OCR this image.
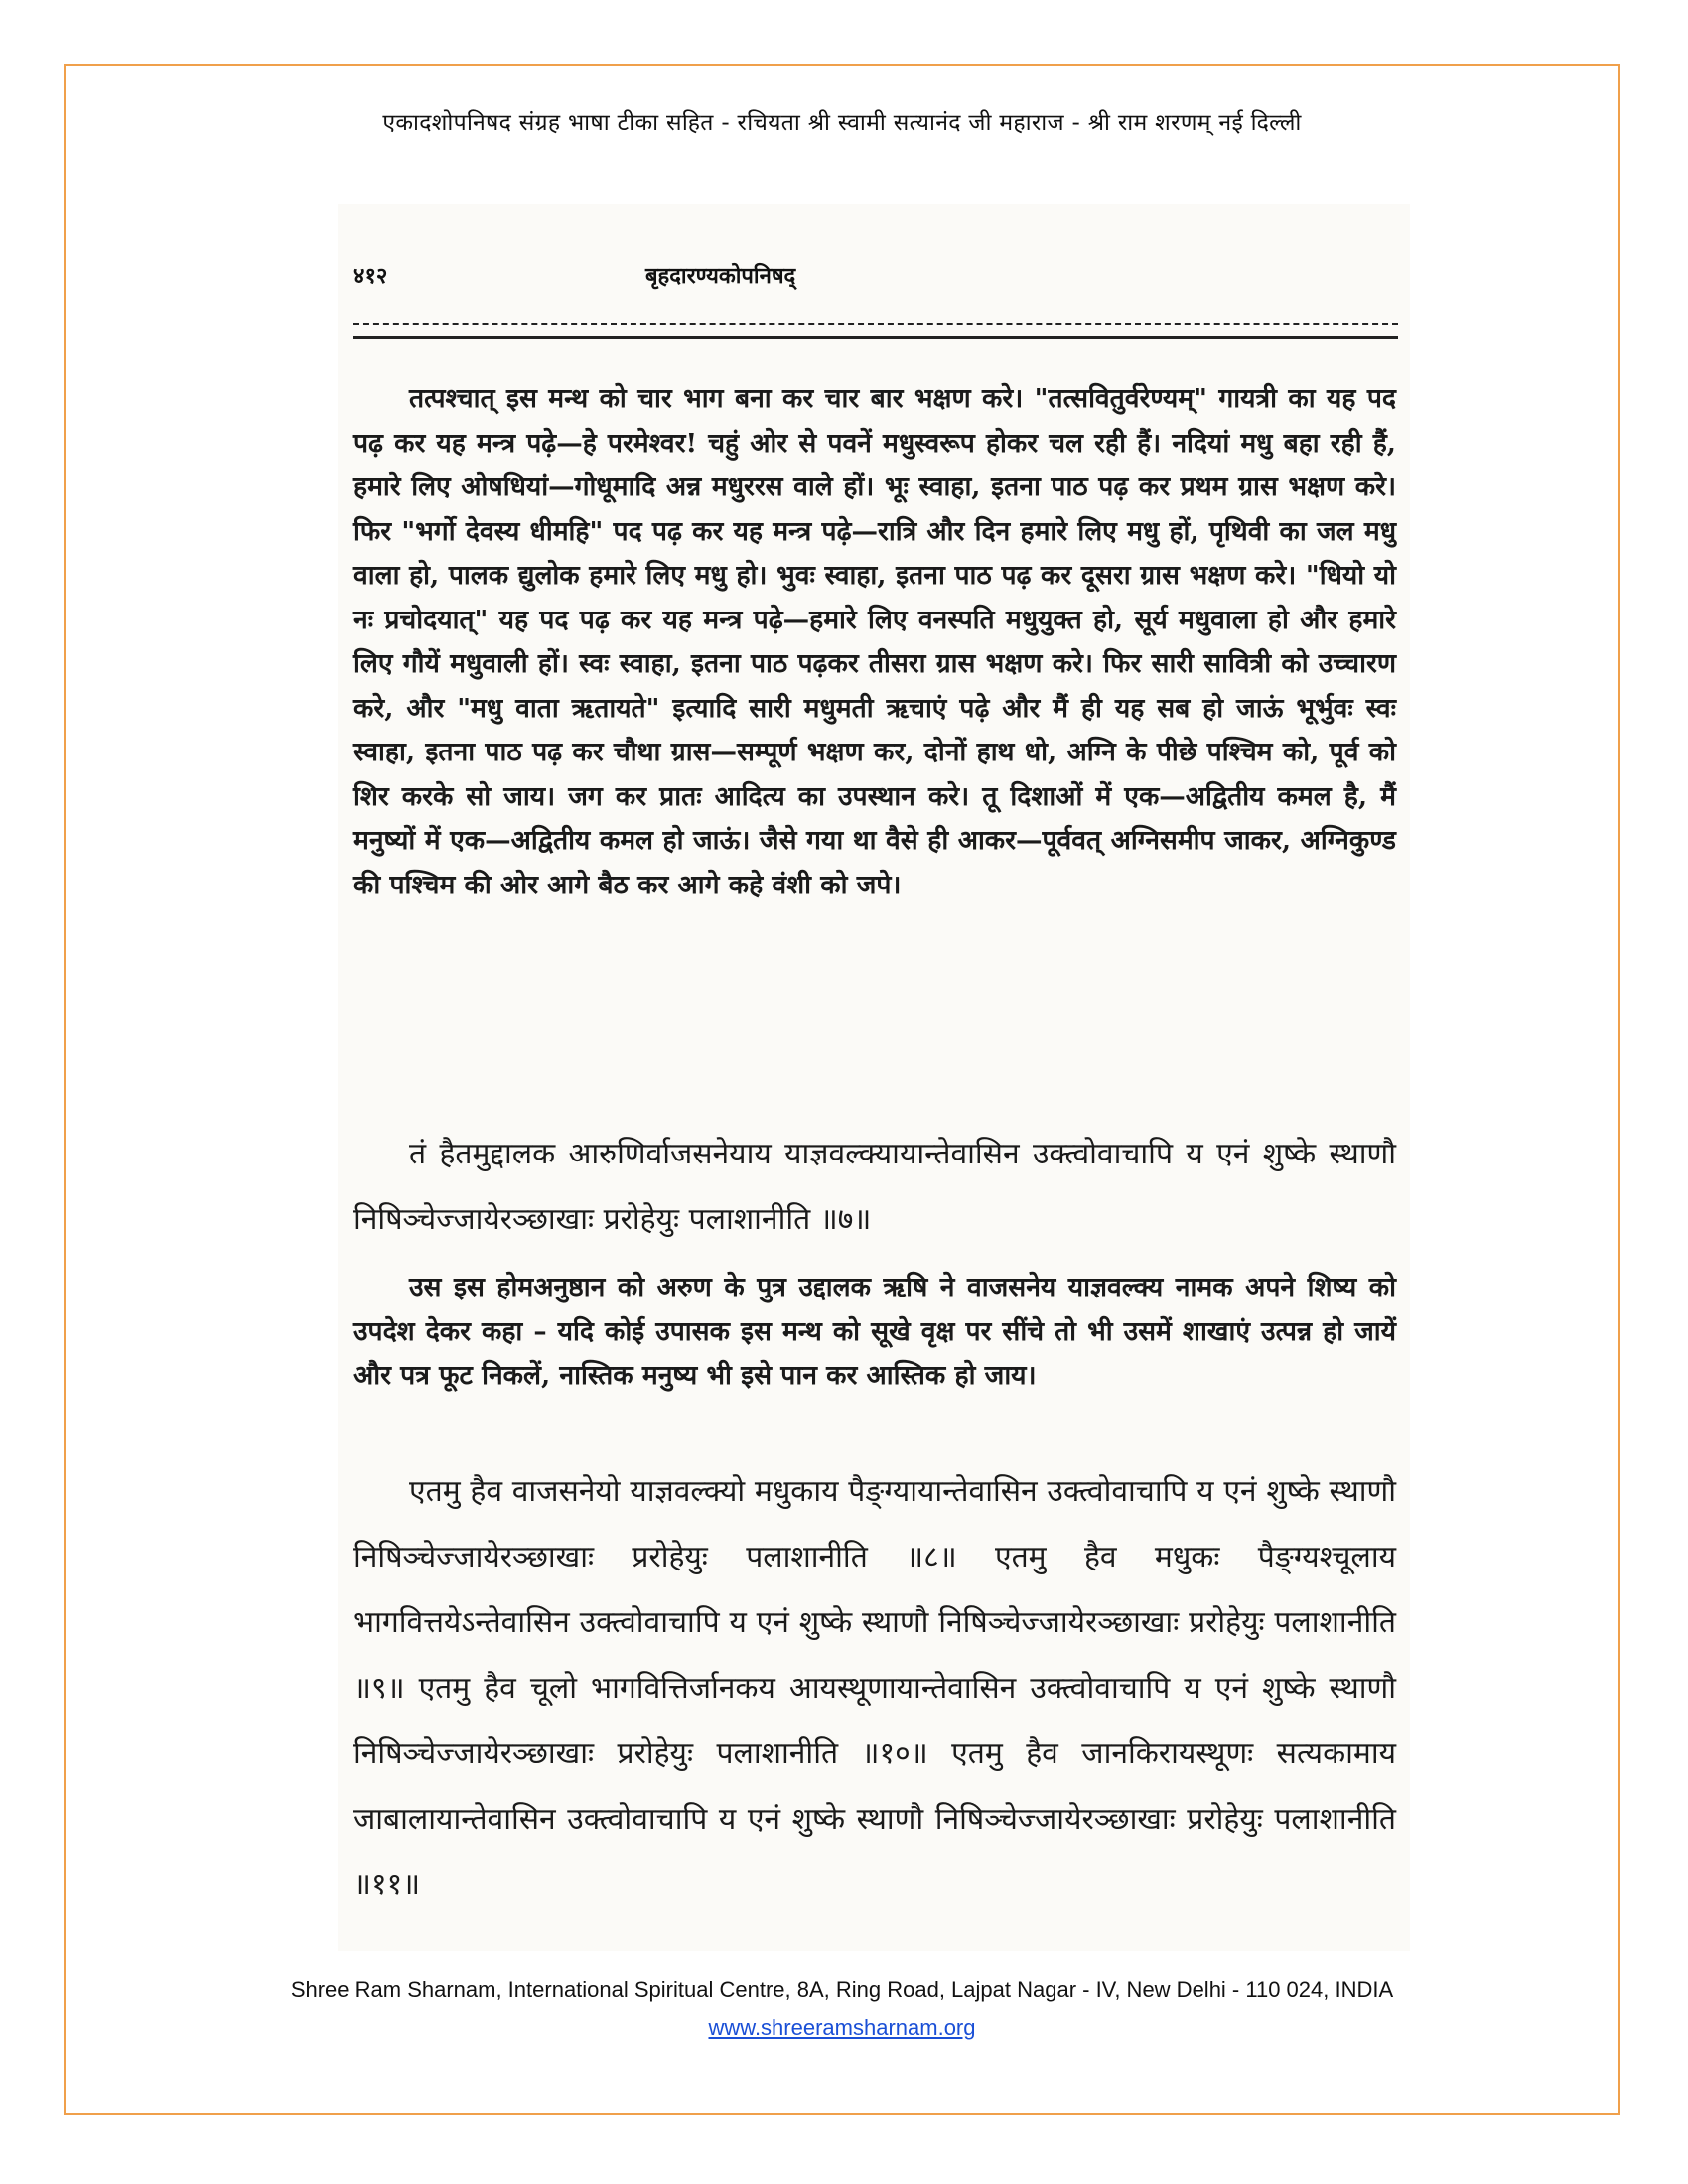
एकादशोपनिषद संग्रह भाषा टीका सहित - रचियता श्री स्वामी सत्यानंद जी महाराज - श्री राम शरणम् नई दिल्ली
४१२	बृहदारण्यकोपनिषद्

तत्पश्चात् इस मन्थ को चार भाग बना कर चार बार भक्षण करे। "तत्सवितुर्वरेण्यम्" गायत्री का यह पद पढ़ कर यह मन्त्र पढ़े—हे परमेश्वर! चहुं ओर से पवनें मधुस्वरूप होकर चल रही हैं। नदियां मधु बहा रही हैं, हमारे लिए ओषधियां—गोधूमादि अन्न मधुररस वाले हों। भूः स्वाहा, इतना पाठ पढ़ कर प्रथम ग्रास भक्षण करे। फिर "भर्गो देवस्य धीमहि" पद पढ़ कर यह मन्त्र पढ़े—रात्रि और दिन हमारे लिए मधु हों, पृथिवी का जल मधु वाला हो, पालक द्युलोक हमारे लिए मधु हो। भुवः स्वाहा, इतना पाठ पढ़ कर दूसरा ग्रास भक्षण करे। "धियो यो नः प्रचोदयात्" यह पद पढ़ कर यह मन्त्र पढ़े—हमारे लिए वनस्पति मधुयुक्त हो, सूर्य मधुवाला हो और हमारे लिए गौयें मधुवाली हों। स्वः स्वाहा, इतना पाठ पढ़कर तीसरा ग्रास भक्षण करे। फिर सारी सावित्री को उच्चारण करे, और "मधु वाता ऋतायते" इत्यादि सारी मधुमती ऋचाएं पढ़े और मैं ही यह सब हो जाऊं भूर्भुवः स्वः स्वाहा, इतना पाठ पढ़ कर चौथा ग्रास—सम्पूर्ण भक्षण कर, दोनों हाथ धो, अग्नि के पीछे पश्चिम को, पूर्व को शिर करके सो जाय। जग कर प्रातः आदित्य का उपस्थान करे। तू दिशाओं में एक—अद्वितीय कमल है, मैं मनुष्यों में एक—अद्वितीय कमल हो जाऊं। जैसे गया था वैसे ही आकर—पूर्ववत् अग्निसमीप जाकर, अग्निकुण्ड की पश्चिम की ओर आगे बैठ कर आगे कहे वंशी को जपे।

तं हैतमुद्दालक आरुणिर्वाजसनेयाय याज्ञवल्क्यायान्तेवासिन उक्त्वोवाचापि य एनं शुष्के स्थाणौ निषिञ्चेज्जायेरञ्छाखाः प्ररोहेयुः पलाशानीति ॥७॥

उस इस होमअनुष्ठान को अरुण के पुत्र उद्दालक ऋषि ने वाजसनेय याज्ञवल्क्य नामक अपने शिष्य को उपदेश देकर कहा – यदि कोई उपासक इस मन्थ को सूखे वृक्ष पर सींचे तो भी उसमें शाखाएं उत्पन्न हो जायें और पत्र फूट निकलें, नास्तिक मनुष्य भी इसे पान कर आस्तिक हो जाय।

एतमु हैव वाजसनेयो याज्ञवल्क्यो मधुकाय पैङ्ग्यायान्तेवासिन उक्त्वोवाचापि य एनं शुष्के स्थाणौ निषिञ्चेज्जायेरञ्छाखाः प्ररोहेयुः पलाशानीति ॥८॥ एतमु हैव मधुकः पैङ्ग्यश्चूलाय भागवित्तयेऽन्तेवासिन उक्त्वोवाचापि य एनं शुष्के स्थाणौ निषिञ्चेज्जायेरञ्छाखाः प्ररोहेयुः पलाशानीति ॥९॥ एतमु हैव चूलो भागवित्तिर्जानकय आयस्थूणायान्तेवासिन उक्त्वोवाचापि य एनं शुष्के स्थाणौ निषिञ्चेज्जायेरञ्छाखाः प्ररोहेयुः पलाशानीति ॥१०॥ एतमु हैव जानकिरायस्थूणः सत्यकामाय जाबालायान्तेवासिन उक्त्वोवाचापि य एनं शुष्के स्थाणौ निषिञ्चेज्जायेरञ्छाखाः प्ररोहेयुः पलाशानीति ॥११॥

Shree Ram Sharnam, International Spiritual Centre, 8A, Ring Road, Lajpat Nagar - IV, New Delhi - 110 024, INDIA
www.shreeramsharnam.org
